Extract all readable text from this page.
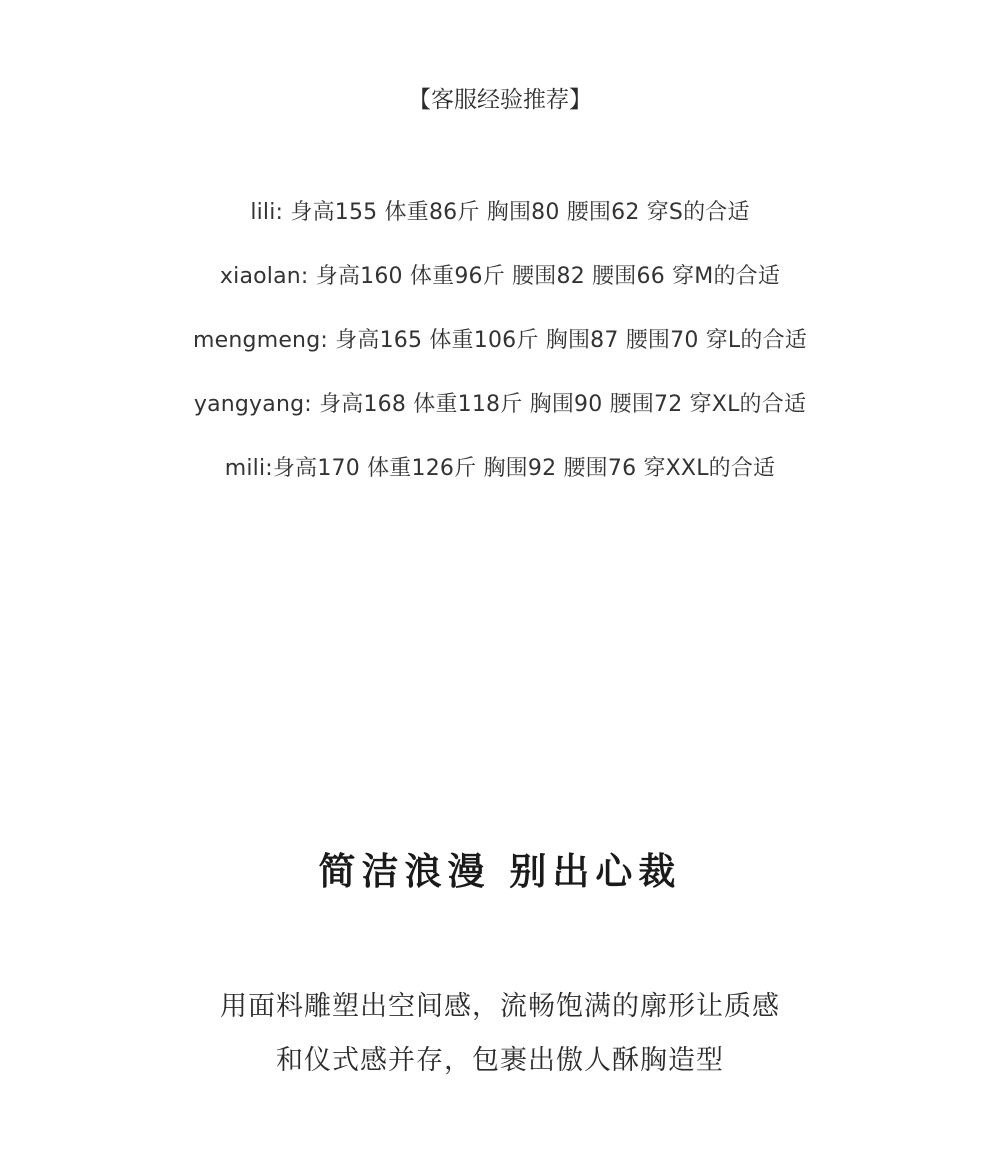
【客服经验推荐】
lili: 身高155 体重86斤 胸围80 腰围62 穿S的合适
xiaolan: 身高160 体重96斤 腰围82 腰围66 穿M的合适
mengmeng: 身高165 体重106斤 胸围87 腰围70 穿L的合适
yangyang: 身高168 体重118斤 胸围90 腰围72 穿XL的合适
mili:身高170 体重126斤 胸围92 腰围76 穿XXL的合适
简洁浪漫 别出心裁
用面料雕塑出空间感，流畅饱满的廓形让质感
和仪式感并存，包裹出傲人酥胸造型
